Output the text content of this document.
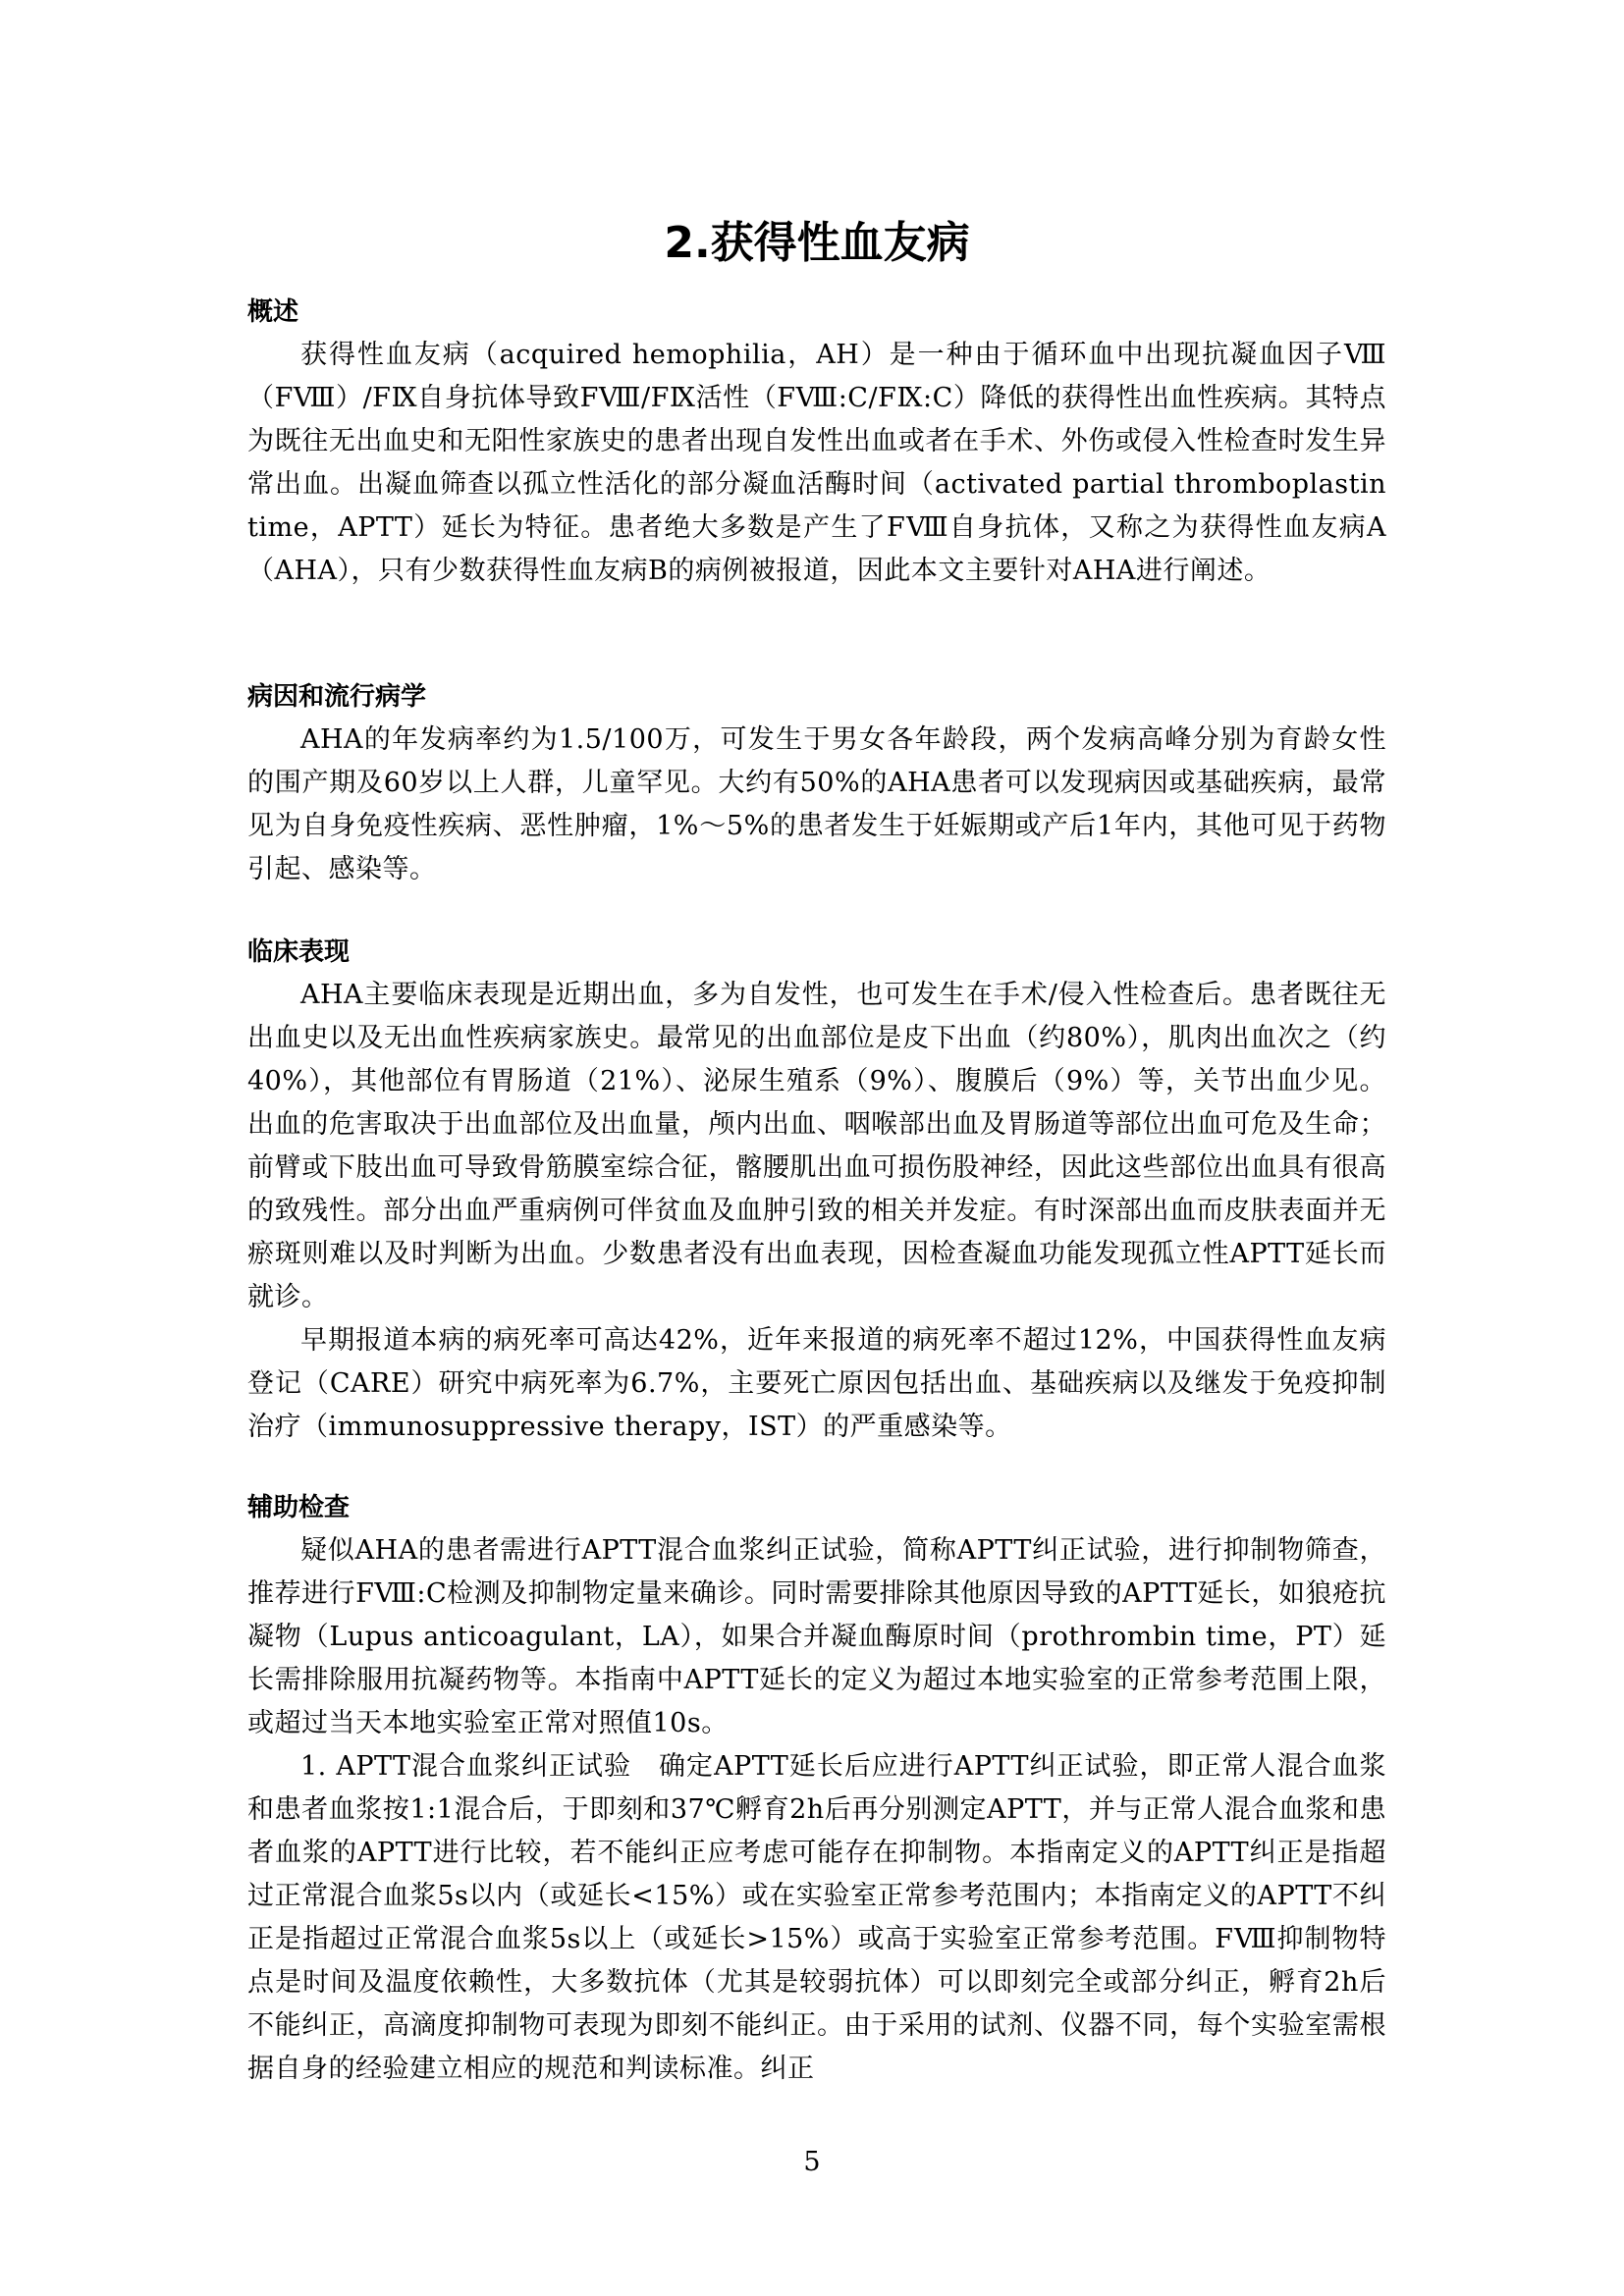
2.获得性血友病
概述

获得性血友病（acquired hemophilia，AH）是一种由于循环血中出现抗凝血因子Ⅷ（FⅧ）/FⅨ自身抗体导致FⅧ/FⅨ活性（FⅧ:C/FⅨ:C）降低的获得性出血性疾病。其特点为既往无出血史和无阳性家族史的患者出现自发性出血或者在手术、外伤或侵入性检查时发生异常出血。出凝血筛查以孤立性活化的部分凝血活酶时间（activated partial thromboplastin time，APTT）延长为特征。患者绝大多数是产生了FⅧ自身抗体，又称之为获得性血友病A（AHA），只有少数获得性血友病B的病例被报道，因此本文主要针对AHA进行阐述。

病因和流行病学

AHA的年发病率约为1.5/100万，可发生于男女各年龄段，两个发病高峰分别为育龄女性的围产期及60岁以上人群，儿童罕见。大约有50%的AHA患者可以发现病因或基础疾病，最常见为自身免疫性疾病、恶性肿瘤，1%～5%的患者发生于妊娠期或产后1年内，其他可见于药物引起、感染等。

临床表现

AHA主要临床表现是近期出血，多为自发性，也可发生在手术/侵入性检查后。患者既往无出血史以及无出血性疾病家族史。最常见的出血部位是皮下出血（约80%），肌肉出血次之（约40%），其他部位有胃肠道（21%）、泌尿生殖系（9%）、腹膜后（9%）等，关节出血少见。出血的危害取决于出血部位及出血量，颅内出血、咽喉部出血及胃肠道等部位出血可危及生命；前臂或下肢出血可导致骨筋膜室综合征，髂腰肌出血可损伤股神经，因此这些部位出血具有很高的致残性。部分出血严重病例可伴贫血及血肿引致的相关并发症。有时深部出血而皮肤表面并无瘀斑则难以及时判断为出血。少数患者没有出血表现，因检查凝血功能发现孤立性APTT延长而就诊。

早期报道本病的病死率可高达42%，近年来报道的病死率不超过12%，中国获得性血友病登记（CARE）研究中病死率为6.7%，主要死亡原因包括出血、基础疾病以及继发于免疫抑制治疗（immunosuppressive therapy，IST）的严重感染等。

辅助检查

疑似AHA的患者需进行APTT混合血浆纠正试验，简称APTT纠正试验，进行抑制物筛查，推荐进行FⅧ:C检测及抑制物定量来确诊。同时需要排除其他原因导致的APTT延长，如狼疮抗凝物（Lupus anticoagulant，LA），如果合并凝血酶原时间（prothrombin time，PT）延长需排除服用抗凝药物等。本指南中APTT延长的定义为超过本地实验室的正常参考范围上限，或超过当天本地实验室正常对照值10s。

1. APTT混合血浆纠正试验　确定APTT延长后应进行APTT纠正试验，即正常人混合血浆和患者血浆按1:1混合后，于即刻和37℃孵育2h后再分别测定APTT，并与正常人混合血浆和患者血浆的APTT进行比较，若不能纠正应考虑可能存在抑制物。本指南定义的APTT纠正是指超过正常混合血浆5s以内（或延长<15%）或在实验室正常参考范围内；本指南定义的APTT不纠正是指超过正常混合血浆5s以上（或延长>15%）或高于实验室正常参考范围。FⅧ抑制物特点是时间及温度依赖性，大多数抗体（尤其是较弱抗体）可以即刻完全或部分纠正，孵育2h后不能纠正，高滴度抑制物可表现为即刻不能纠正。由于采用的试剂、仪器不同，每个实验室需根据自身的经验建立相应的规范和判读标准。纠正

5
